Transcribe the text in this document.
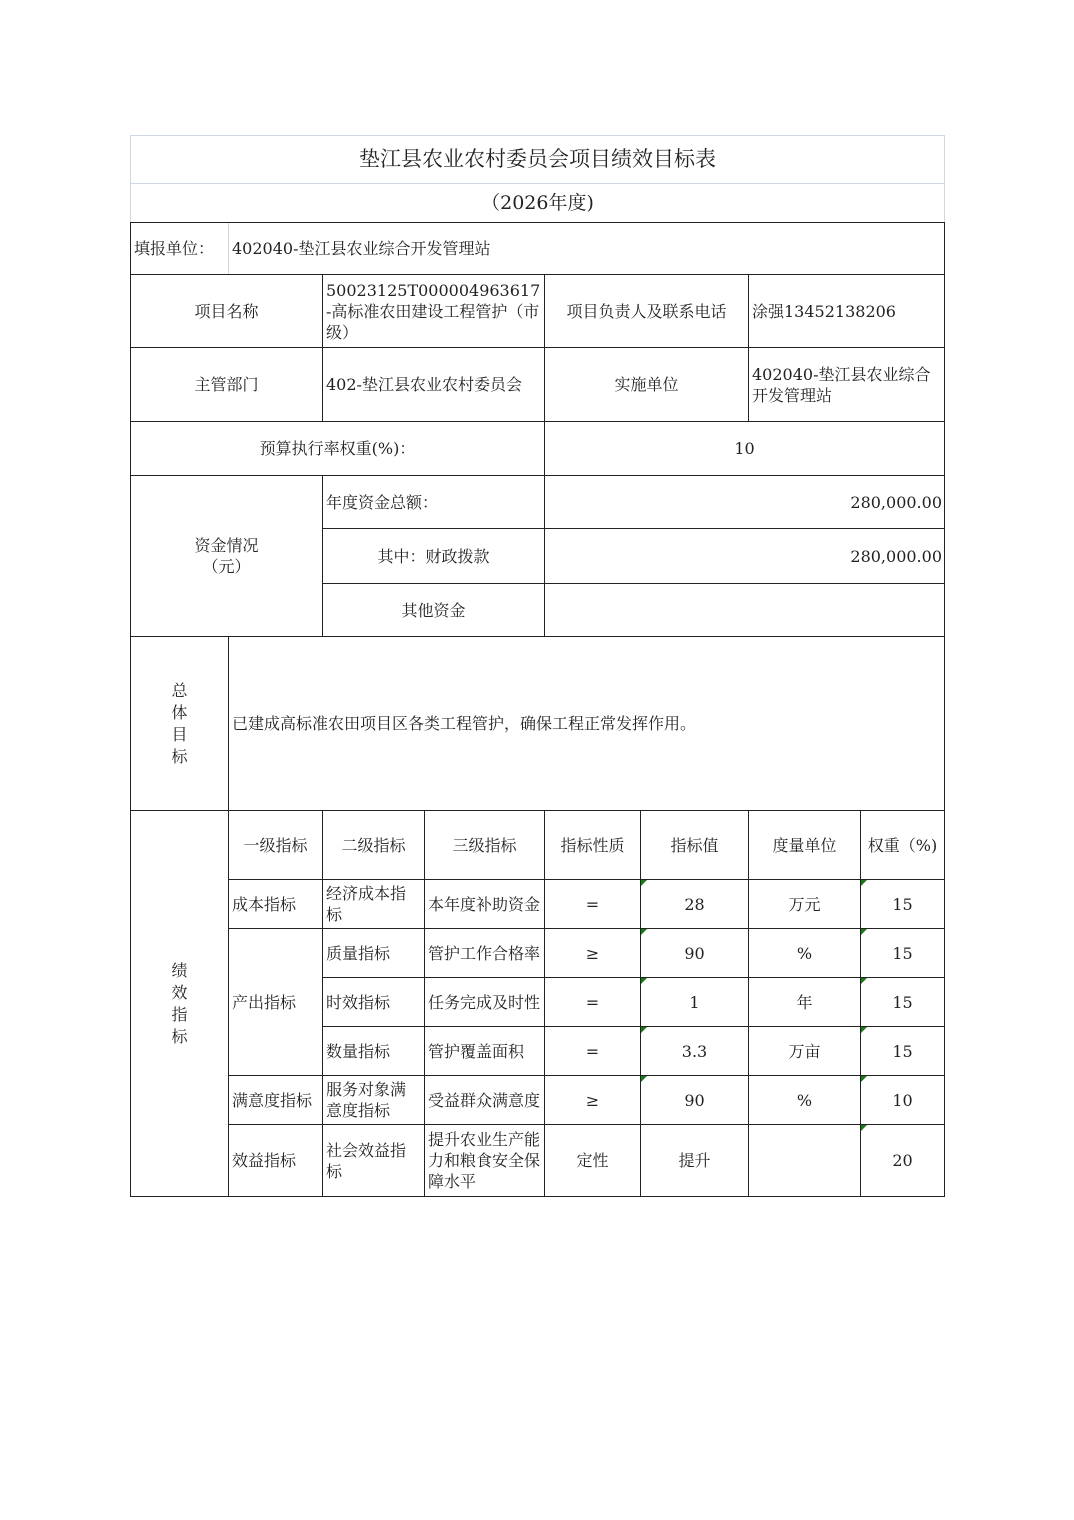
垫江县农业农村委员会项目绩效目标表							
（2026年度)							
填报单位：	402040-垫江县农业综合开发管理站						
项目名称		50023125T000004963617-高标准农田建设工程管护（市级）		项目负责人及联系电话		涂强13452138206	
主管部门		402-垫江县农业农村委员会		实施单位		402040-垫江县农业综合开发管理站	
预算执行率权重(%)：				10			
资金情况（元）		年度资金总额：		280,000.00			
		其中：财政拨款		280,000.00			
		其他资金					
总体目标	已建成高标准农田项目区各类工程管护，确保工程正常发挥作用。						
绩效指标	一级指标	二级指标	三级指标	指标性质	指标值	度量单位	权重（%)
	成本指标	经济成本指标	本年度补助资金	=	28	万元	15
	产出指标	质量指标	管护工作合格率	≥	90	%	15
		时效指标	任务完成及时性	=	1	年	15
		数量指标	管护覆盖面积	=	3.3	万亩	15
	满意度指标	服务对象满意度指标	受益群众满意度	≥	90	%	10
	效益指标	社会效益指标	提升农业生产能力和粮食安全保障水平	定性	提升		20
